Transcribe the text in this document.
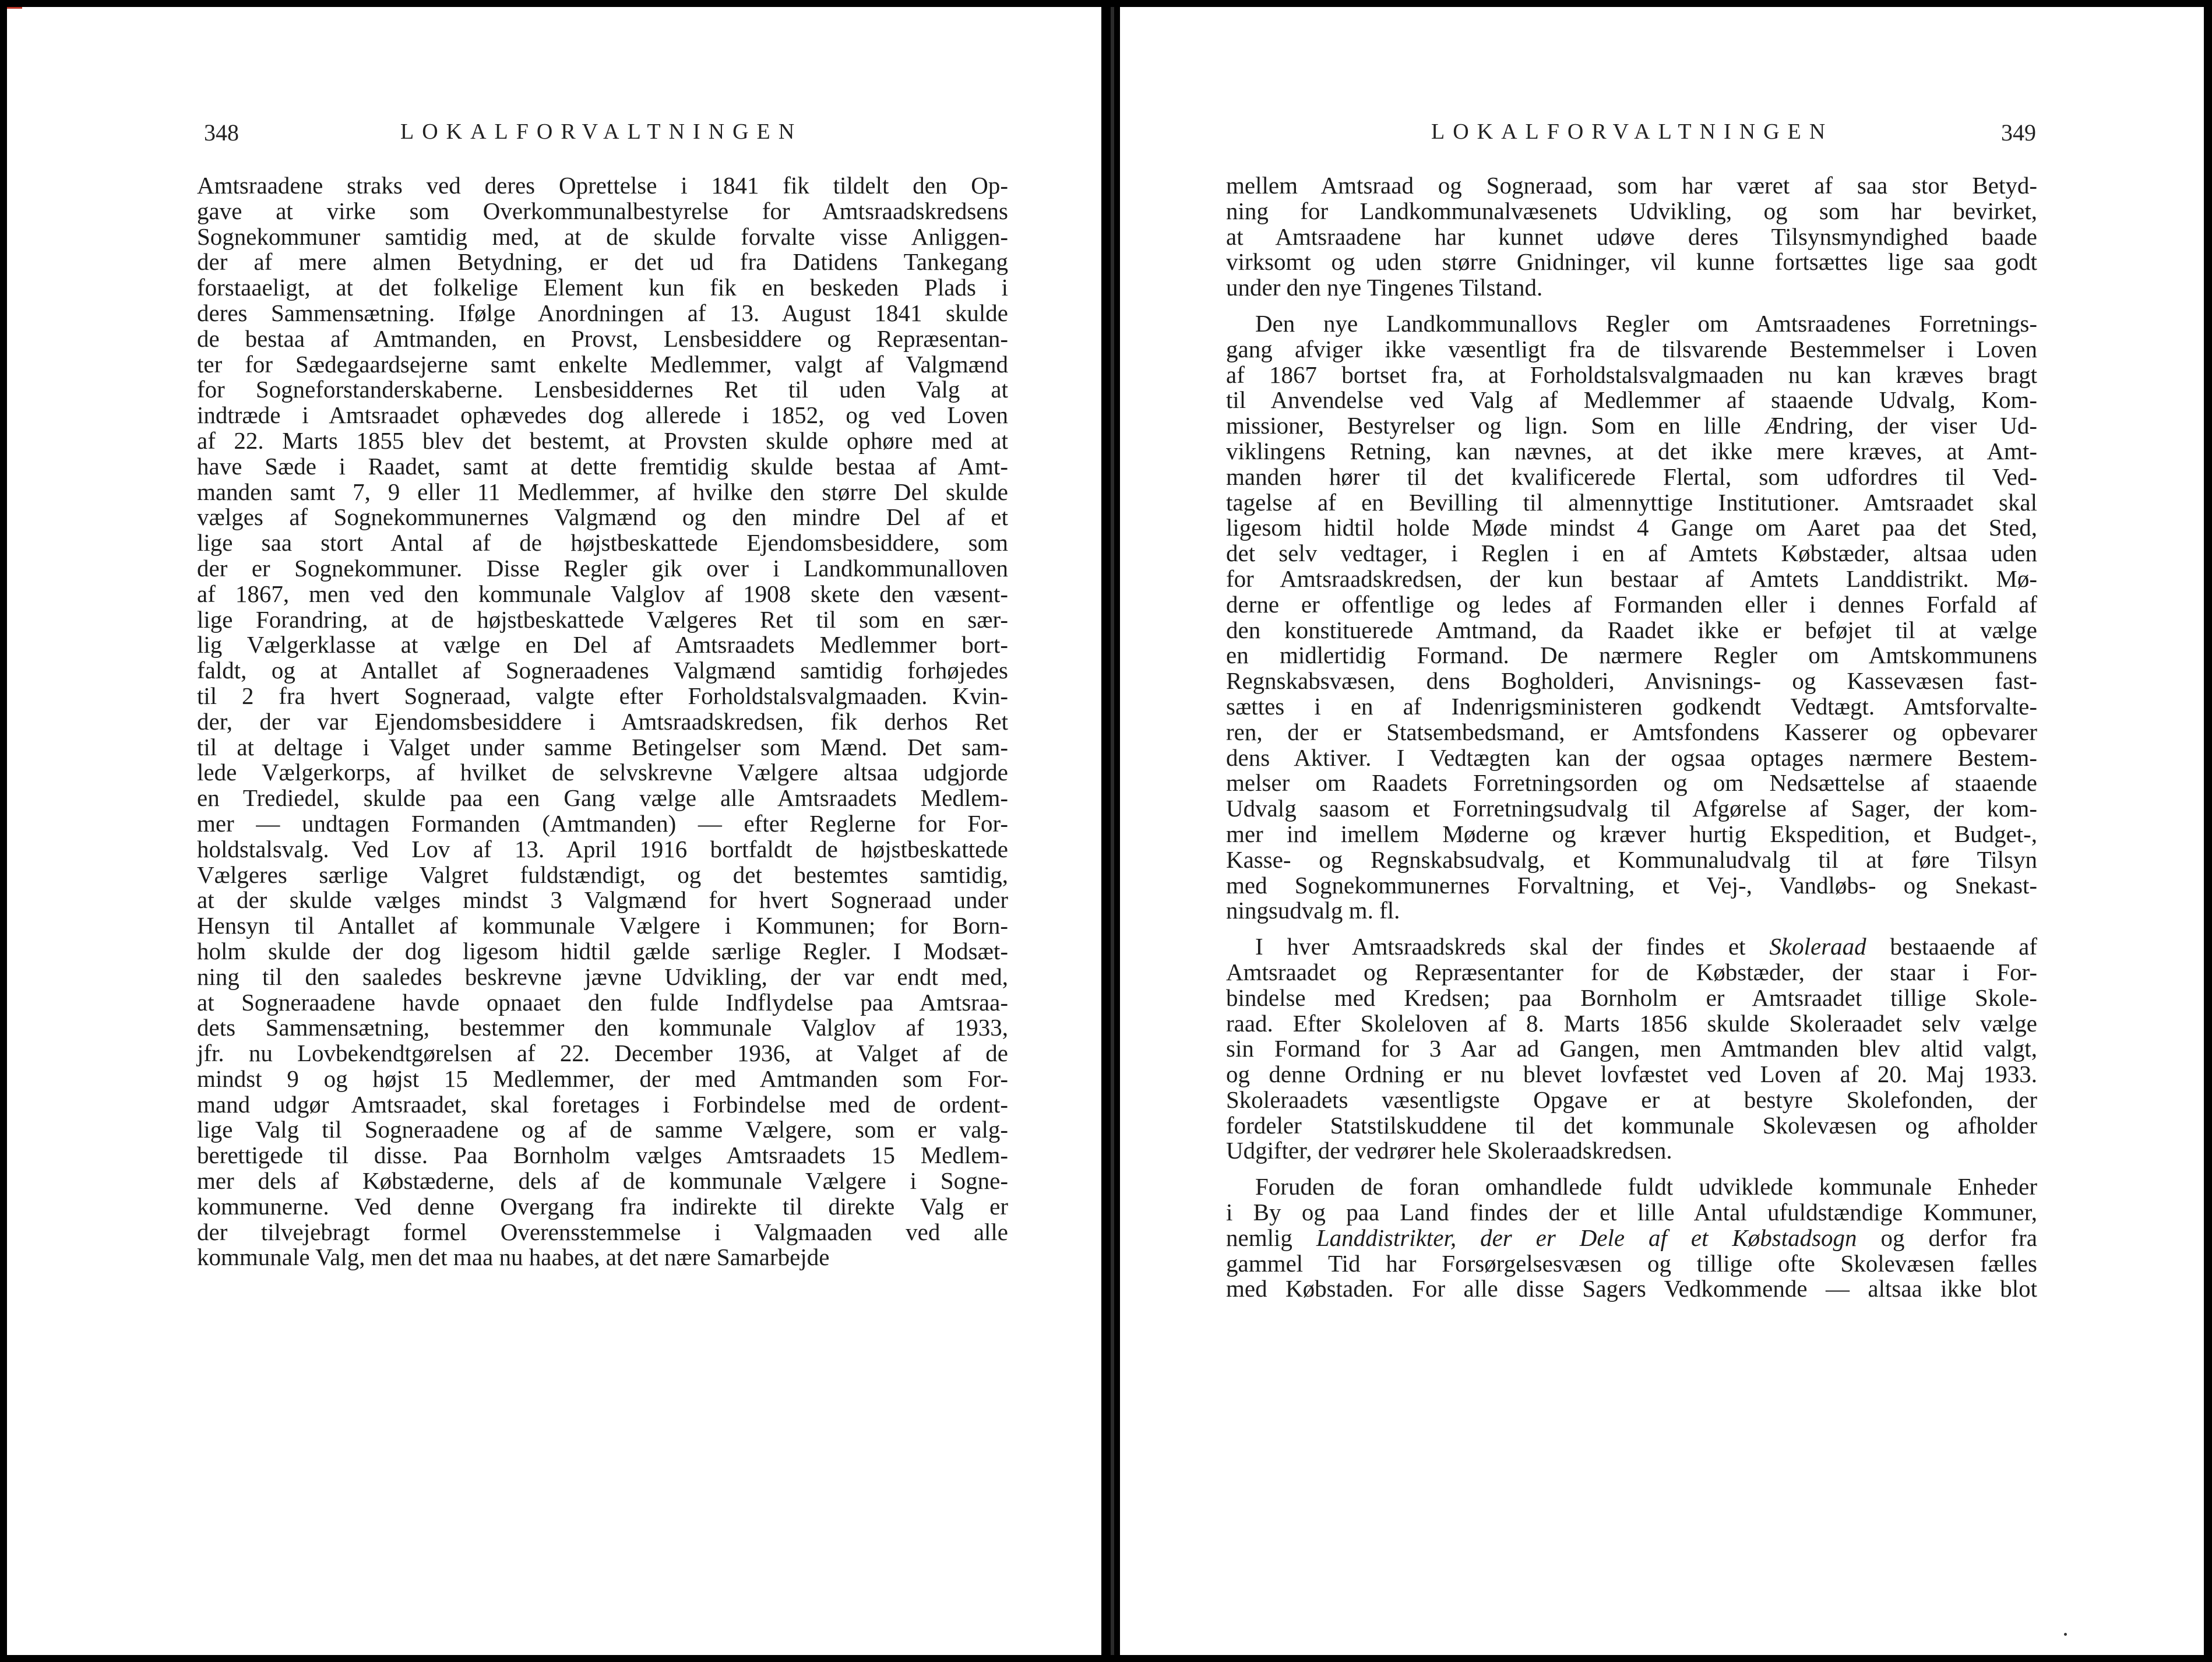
348	LOKALFORVALTNINGEN
Amtsraadene straks ved deres Oprettelse i 1841 fik tildelt den Op-
gave at virke som Overkommunalbestyrelse for Amtsraadskredsens
Sognekommuner samtidig med, at de skulde forvalte visse Anliggen-
der af mere almen Betydning, er det ud fra Datidens Tankegang
forstaaeligt, at det folkelige Element kun fik en beskeden Plads i
deres Sammensætning. Ifølge Anordningen af 13. August 1841 skulde
de bestaa af Amtmanden, en Provst, Lensbesiddere og Repræsentan-
ter for Sædegaardsejerne samt enkelte Medlemmer, valgt af Valgmænd
for Sogneforstanderskaberne. Lensbesiddernes Ret til uden Valg at
indtræde i Amtsraadet ophævedes dog allerede i 1852, og ved Loven
af 22. Marts 1855 blev det bestemt, at Provsten skulde ophøre med at
have Sæde i Raadet, samt at dette fremtidig skulde bestaa af Amt-
manden samt 7, 9 eller 11 Medlemmer, af hvilke den større Del skulde
vælges af Sognekommunernes Valgmænd og den mindre Del af et
lige saa stort Antal af de højstbeskattede Ejendomsbesiddere, som
der er Sognekommuner. Disse Regler gik over i Landkommunalloven
af 1867, men ved den kommunale Valglov af 1908 skete den væsent-
lige Forandring, at de højstbeskattede Vælgeres Ret til som en sær-
lig Vælgerklasse at vælge en Del af Amtsraadets Medlemmer bort-
faldt, og at Antallet af Sogneraadenes Valgmænd samtidig forhøjedes
til 2 fra hvert Sogneraad, valgte efter Forholdstalsvalgmaaden. Kvin-
der, der var Ejendomsbesiddere i Amtsraadskredsen, fik derhos Ret
til at deltage i Valget under samme Betingelser som Mænd. Det sam-
lede Vælgerkorps, af hvilket de selvskrevne Vælgere altsaa udgjorde
en Trediedel, skulde paa een Gang vælge alle Amtsraadets Medlem-
mer — undtagen Formanden (Amtmanden) — efter Reglerne for For-
holdstalsvalg. Ved Lov af 13. April 1916 bortfaldt de højstbeskattede
Vælgeres særlige Valgret fuldstændigt, og det bestemtes samtidig,
at der skulde vælges mindst 3 Valgmænd for hvert Sogneraad under
Hensyn til Antallet af kommunale Vælgere i Kommunen; for Born-
holm skulde der dog ligesom hidtil gælde særlige Regler. I Modsæt-
ning til den saaledes beskrevne jævne Udvikling, der var endt med,
at Sogneraadene havde opnaaet den fulde Indflydelse paa Amtsraa-
dets Sammensætning, bestemmer den kommunale Valglov af 1933,
jfr. nu Lovbekendtgørelsen af 22. December 1936, at Valget af de
mindst 9 og højst 15 Medlemmer, der med Amtmanden som For-
mand udgør Amtsraadet, skal foretages i Forbindelse med de ordent-
lige Valg til Sogneraadene og af de samme Vælgere, som er valg-
berettigede til disse. Paa Bornholm vælges Amtsraadets 15 Medlem-
mer dels af Købstæderne, dels af de kommunale Vælgere i Sogne-
kommunerne. Ved denne Overgang fra indirekte til direkte Valg er
der tilvejebragt formel Overensstemmelse i Valgmaaden ved alle
kommunale Valg, men det maa nu haabes, at det nære Samarbejde
LOKALFORVALTNINGEN	349
mellem Amtsraad og Sogneraad, som har været af saa stor Betyd-
ning for Landkommunalvæsenets Udvikling, og som har bevirket,
at Amtsraadene har kunnet udøve deres Tilsynsmyndighed baade
virksomt og uden større Gnidninger, vil kunne fortsættes lige saa godt
under den nye Tingenes Tilstand.
Den nye Landkommunallovs Regler om Amtsraadenes Forretnings-
gang afviger ikke væsentligt fra de tilsvarende Bestemmelser i Loven
af 1867 bortset fra, at Forholdstalsvalgmaaden nu kan kræves bragt
til Anvendelse ved Valg af Medlemmer af staaende Udvalg, Kom-
missioner, Bestyrelser og lign. Som en lille Ændring, der viser Ud-
viklingens Retning, kan nævnes, at det ikke mere kræves, at Amt-
manden hører til det kvalificerede Flertal, som udfordres til Ved-
tagelse af en Bevilling til almennyttige Institutioner. Amtsraadet skal
ligesom hidtil holde Møde mindst 4 Gange om Aaret paa det Sted,
det selv vedtager, i Reglen i en af Amtets Købstæder, altsaa uden
for Amtsraadskredsen, der kun bestaar af Amtets Landdistrikt. Mø-
derne er offentlige og ledes af Formanden eller i dennes Forfald af
den konstituerede Amtmand, da Raadet ikke er beføjet til at vælge
en midlertidig Formand. De nærmere Regler om Amtskommunens
Regnskabsvæsen, dens Bogholderi, Anvisnings- og Kassevæsen fast-
sættes i en af Indenrigsministeren godkendt Vedtægt. Amtsforvalte-
ren, der er Statsembedsmand, er Amtsfondens Kasserer og opbevarer
dens Aktiver. I Vedtægten kan der ogsaa optages nærmere Bestem-
melser om Raadets Forretningsorden og om Nedsættelse af staaende
Udvalg saasom et Forretningsudvalg til Afgørelse af Sager, der kom-
mer ind imellem Møderne og kræver hurtig Ekspedition, et Budget-,
Kasse- og Regnskabsudvalg, et Kommunaludvalg til at føre Tilsyn
med Sognekommunernes Forvaltning, et Vej-, Vandløbs- og Snekast-
ningsudvalg m. fl.
I hver Amtsraadskreds skal der findes et Skoleraad bestaaende af
Amtsraadet og Repræsentanter for de Købstæder, der staar i For-
bindelse med Kredsen; paa Bornholm er Amtsraadet tillige Skole-
raad. Efter Skoleloven af 8. Marts 1856 skulde Skoleraadet selv vælge
sin Formand for 3 Aar ad Gangen, men Amtmanden blev altid valgt,
og denne Ordning er nu blevet lovfæstet ved Loven af 20. Maj 1933.
Skoleraadets væsentligste Opgave er at bestyre Skolefonden, der
fordeler Statstilskuddene til det kommunale Skolevæsen og afholder
Udgifter, der vedrører hele Skoleraadskredsen.
Foruden de foran omhandlede fuldt udviklede kommunale Enheder
i By og paa Land findes der et lille Antal ufuldstændige Kommuner,
nemlig Landdistrikter, der er Dele af et Købstadsogn og derfor fra
gammel Tid har Forsørgelsesvæsen og tillige ofte Skolevæsen fælles
med Købstaden. For alle disse Sagers Vedkommende — altsaa ikke blot
